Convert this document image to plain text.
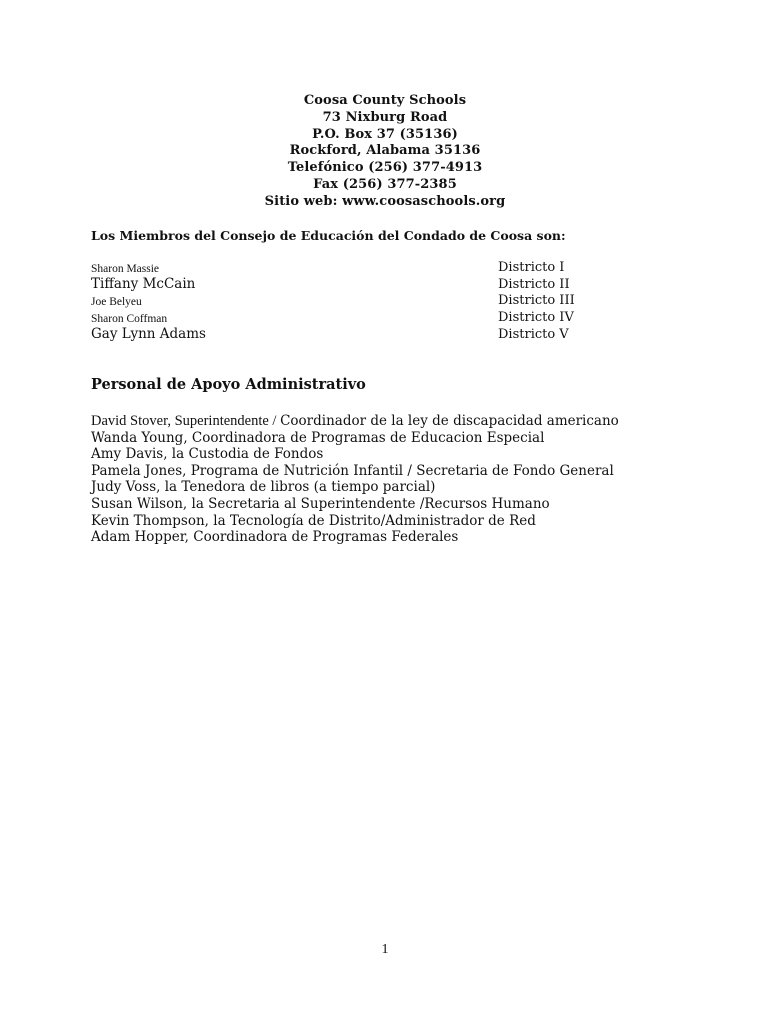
Coosa County Schools
73 Nixburg Road
P.O. Box 37 (35136)
Rockford, Alabama 35136
Telefónico (256) 377-4913
Fax (256) 377-2385
Sitio web: www.coosaschools.org
Los Miembros del Consejo de Educación del Condado de Coosa son:
Sharon Massie	Districto I
Tiffany McCain	Districto II
Joe Belyeu	Districto III
Sharon Coffman	Districto IV
Gay Lynn Adams	Districto V
Personal de Apoyo Administrativo
David Stover, Superintendente / Coordinador de la ley de discapacidad americano
Wanda Young, Coordinadora de Programas de Educacion Especial
Amy Davis, la Custodia de Fondos
Pamela Jones, Programa de Nutrición Infantil / Secretaria de Fondo General
Judy Voss, la Tenedora de libros (a tiempo parcial)
Susan Wilson, la Secretaria al Superintendente /Recursos Humano
Kevin Thompson, la Tecnología de Distrito/Administrador de Red
Adam Hopper, Coordinadora de Programas Federales
1
